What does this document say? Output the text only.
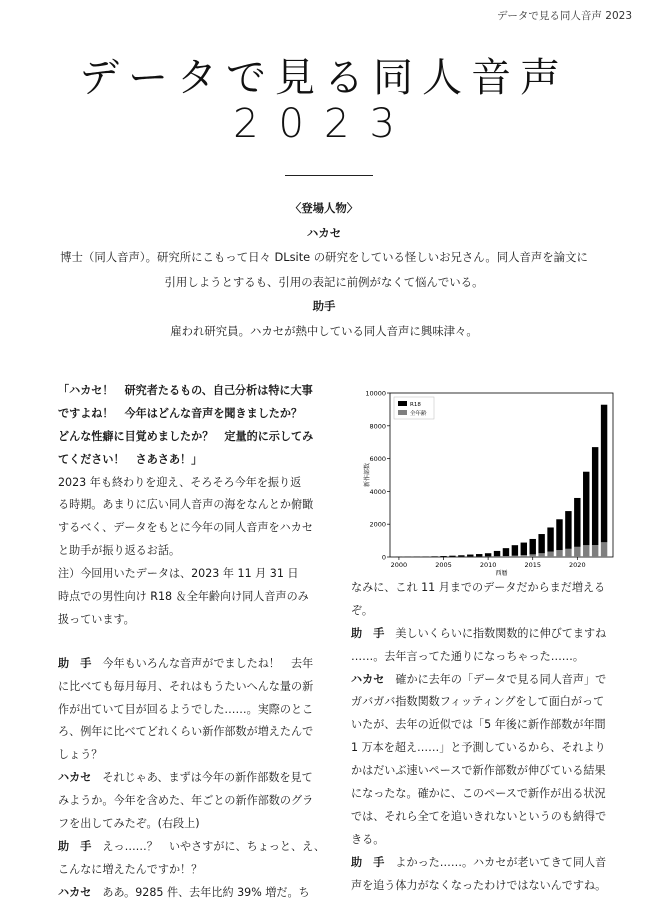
データで見る同人音声 2023
データで見る同人音声
2023

〈登場人物〉

ハカセ

博士（同人音声）。研究所にこもって日々 DLsite の研究をしている怪しいお兄さん。同人音声を論文に

引用しようとするも、引用の表記に前例がなくて悩んでいる。

助手

雇われ研究員。ハカセが熱中している同人音声に興味津々。

「ハカセ！　研究者たるもの、自己分析は特に大事

ですよね！　今年はどんな音声を聞きましたか？

どんな性癖に目覚めましたか？　定量的に示してみ

てください！　さあさあ！」

2023 年も終わりを迎え、そろそろ今年を振り返

る時期。あまりに広い同人音声の海をなんとか俯瞰

するべく、データをもとに今年の同人音声をハカセ

と助手が振り返るお話。

注）今回用いたデータは、2023 年 11 月 31 日

時点での男性向け R18 ＆全年齢向け同人音声のみ

扱っています。

助　手　今年もいろんな音声がでましたね！　去年

に比べても毎月毎月、それはもうたいへんな量の新

作が出ていて目が回るようでした……。実際のとこ

ろ、例年に比べてどれくらい新作部数が増えたんで

しょう？

ハカセ　それじゃあ、まずは今年の新作部数を見て

みようか。今年を含めた、年ごとの新作部数のグラ

フを出してみたぞ。(右段上)

助　手　えっ……？　いやさすがに、ちょっと、え、

こんなに増えたんですか！？

ハカセ　ああ。9285 件、去年比約 39% 増だ。ち

0
2000
4000
6000
8000
10000
2000	2005	2010	2015	2020
西暦
新作部数
R18
全年齢

なみに、これ 11 月までのデータだからまだ増える

ぞ。

助　手　美しいくらいに指数関数的に伸びてますね

……。去年言ってた通りになっちゃった……。

ハカセ　確かに去年の「データで見る同人音声」で

ガバガバ指数関数フィッティングをして面白がって

いたが、去年の近似では「5 年後に新作部数が年間

1 万本を超え……」と予測しているから、それより

かはだいぶ速いペースで新作部数が伸びている結果

になったな。確かに、このペースで新作が出る状況

では、それら全てを追いきれないというのも納得で

きる。

助　手　よかった……。ハカセが老いてきて同人音

声を追う体力がなくなったわけではないんですね。
